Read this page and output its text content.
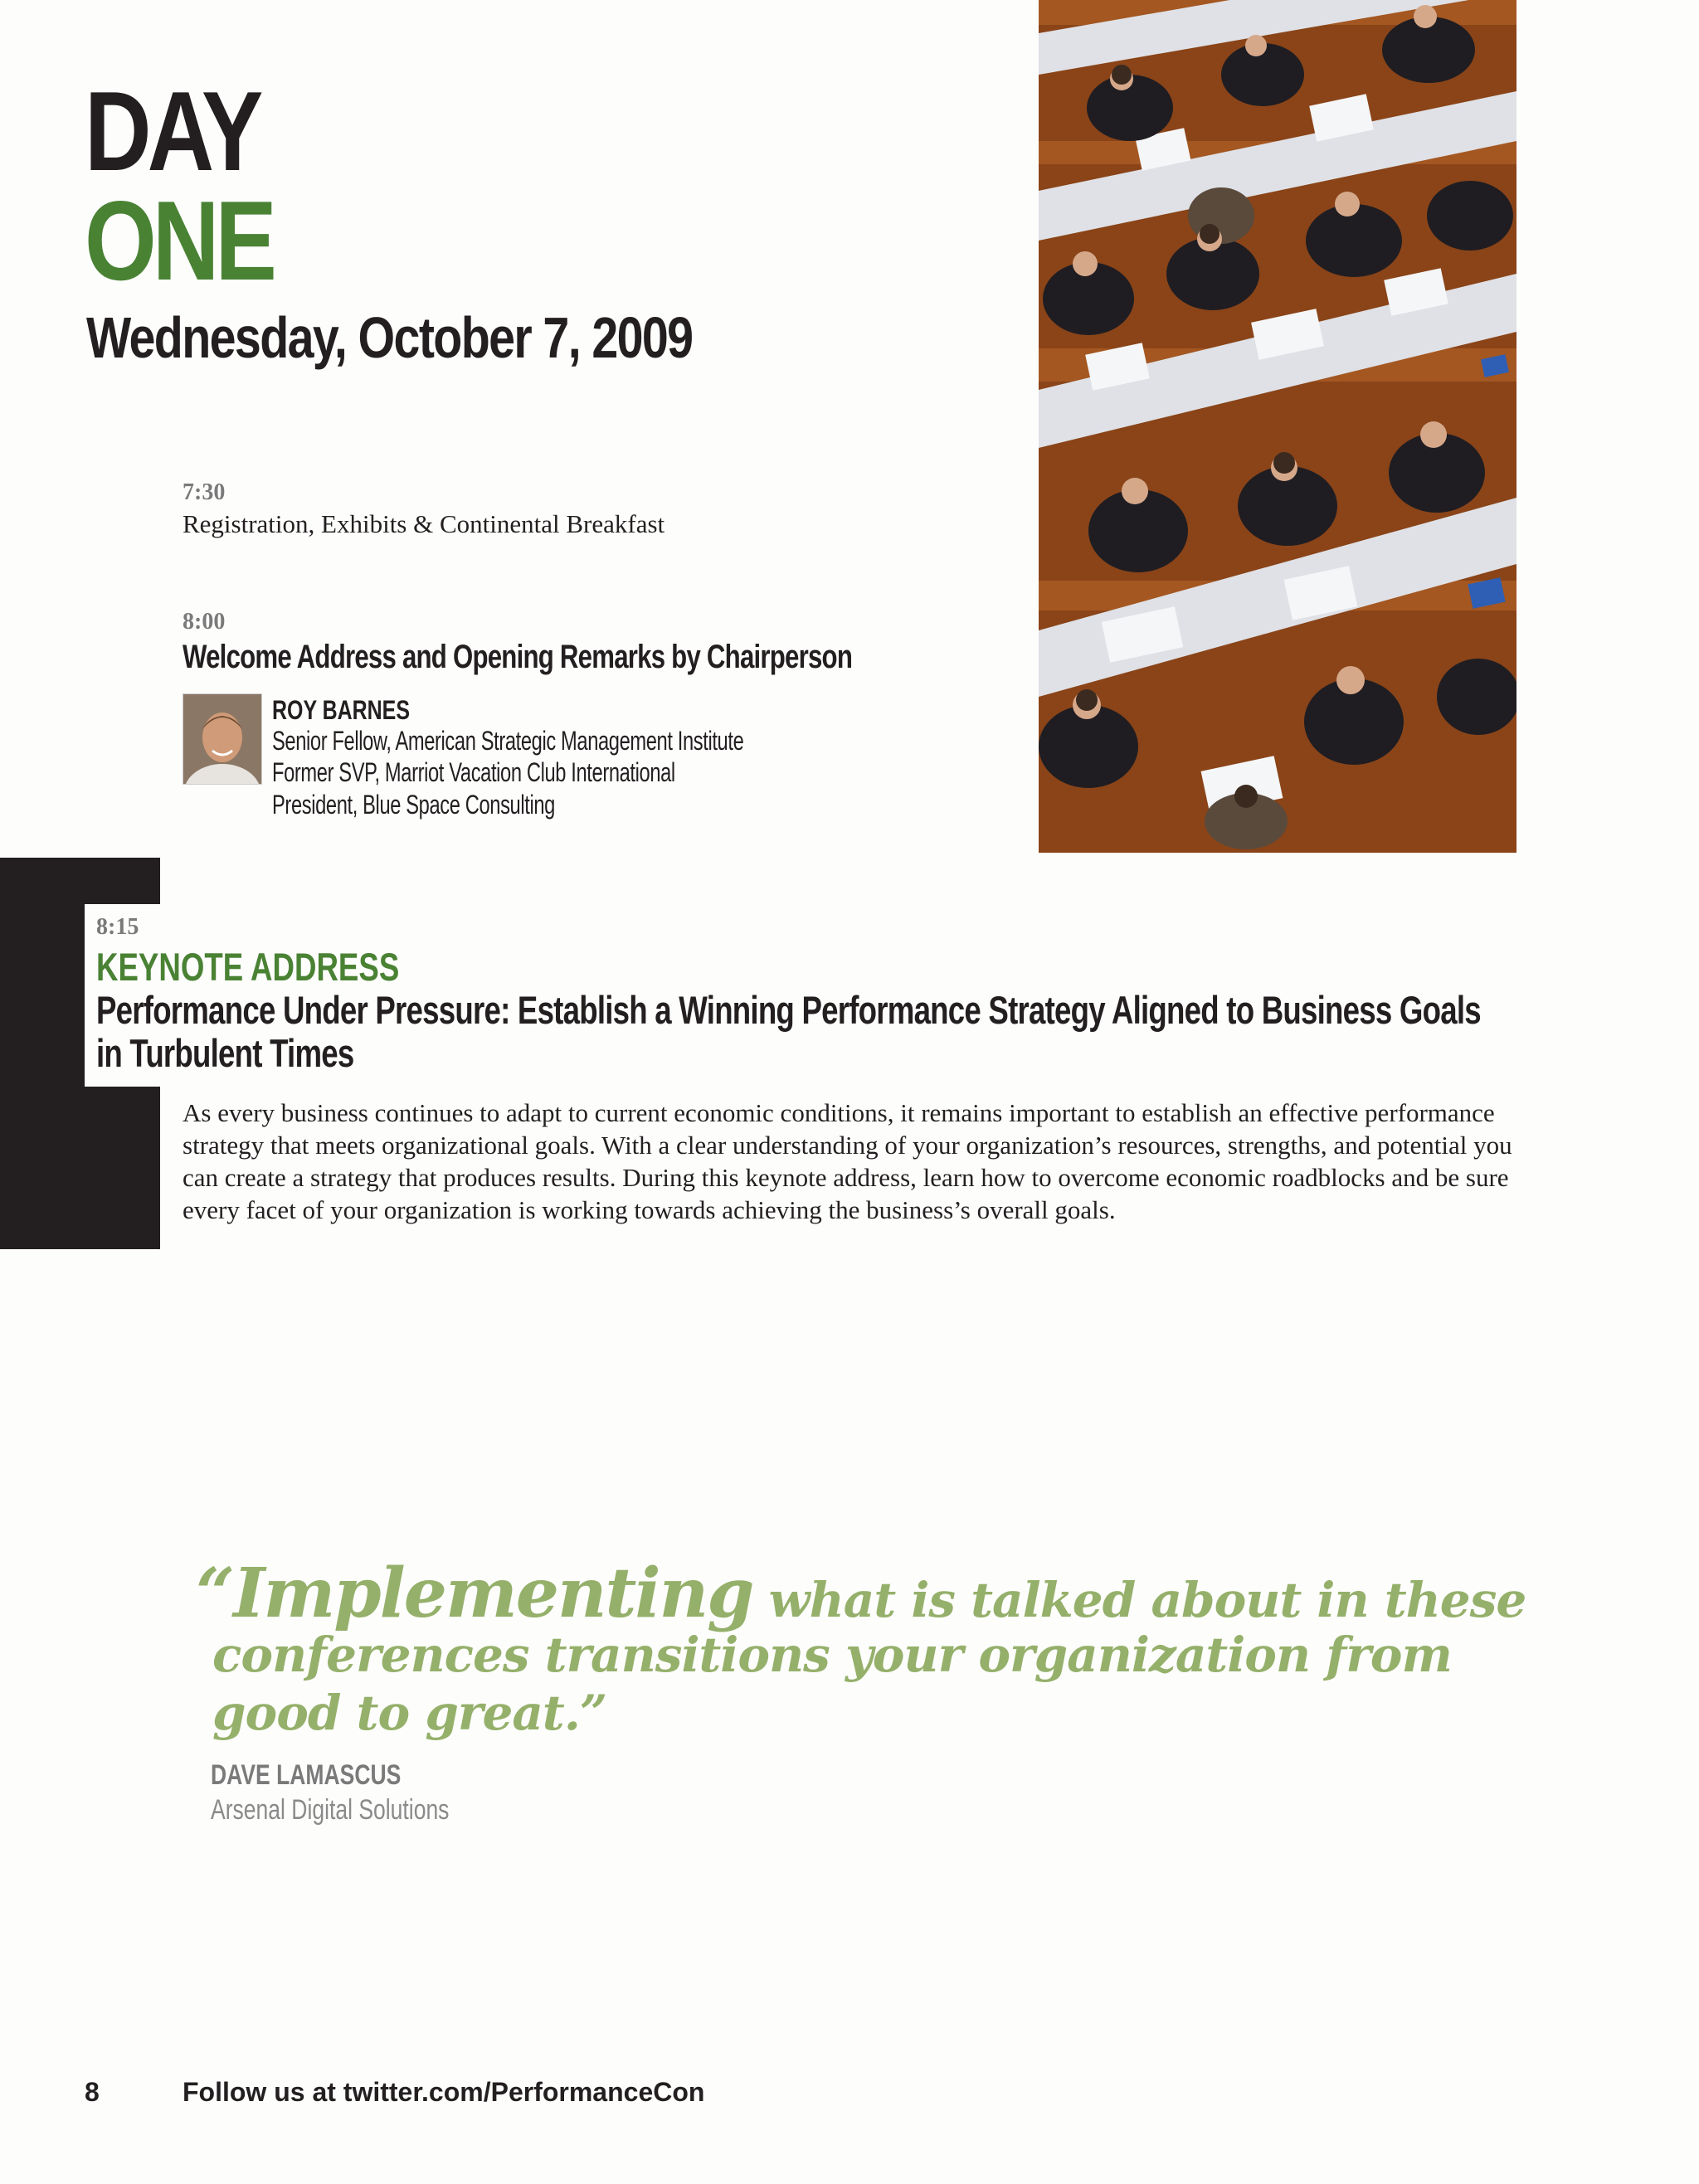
DAY
ONE
Wednesday, October 7, 2009
7:30
Registration, Exhibits & Continental Breakfast
8:00
Welcome Address and Opening Remarks by Chairperson
ROY BARNES
Senior Fellow, American Strategic Management Institute
Former SVP, Marriot Vacation Club International
President, Blue Space Consulting
8:15
KEYNOTE ADDRESS
Performance Under Pressure: Establish a Winning Performance Strategy Aligned to Business Goals
in Turbulent Times
As every business continues to adapt to current economic conditions, it remains important to establish an effective performance strategy that meets organizational goals. With a clear understanding of your organization’s resources, strengths, and potential you can create a strategy that produces results. During this keynote address, learn how to overcome economic roadblocks and be sure every facet of your organization is working towards achieving the business’s overall goals.
“Implementing what is talked about in these
conferences transitions your organization from
good to great.”
DAVE LAMASCUS
Arsenal Digital Solutions
8	Follow us at twitter.com/PerformanceCon
